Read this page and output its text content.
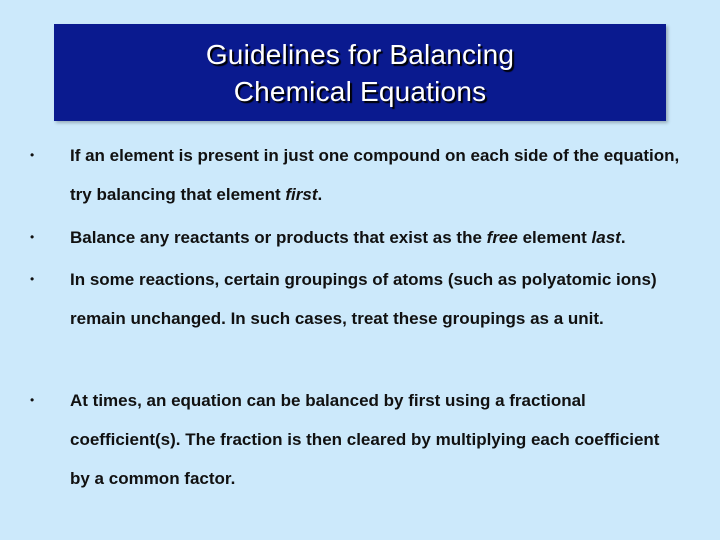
Guidelines for Balancing
Chemical Equations
• If an element is present in just one compound on each side of the equation, try balancing that element first.
• Balance any reactants or products that exist as the free element last.
• In some reactions, certain groupings of atoms (such as polyatomic ions) remain unchanged. In such cases, treat these groupings as a unit.
• At times, an equation can be balanced by first using a fractional coefficient(s). The fraction is then cleared by multiplying each coefficient by a common factor.
